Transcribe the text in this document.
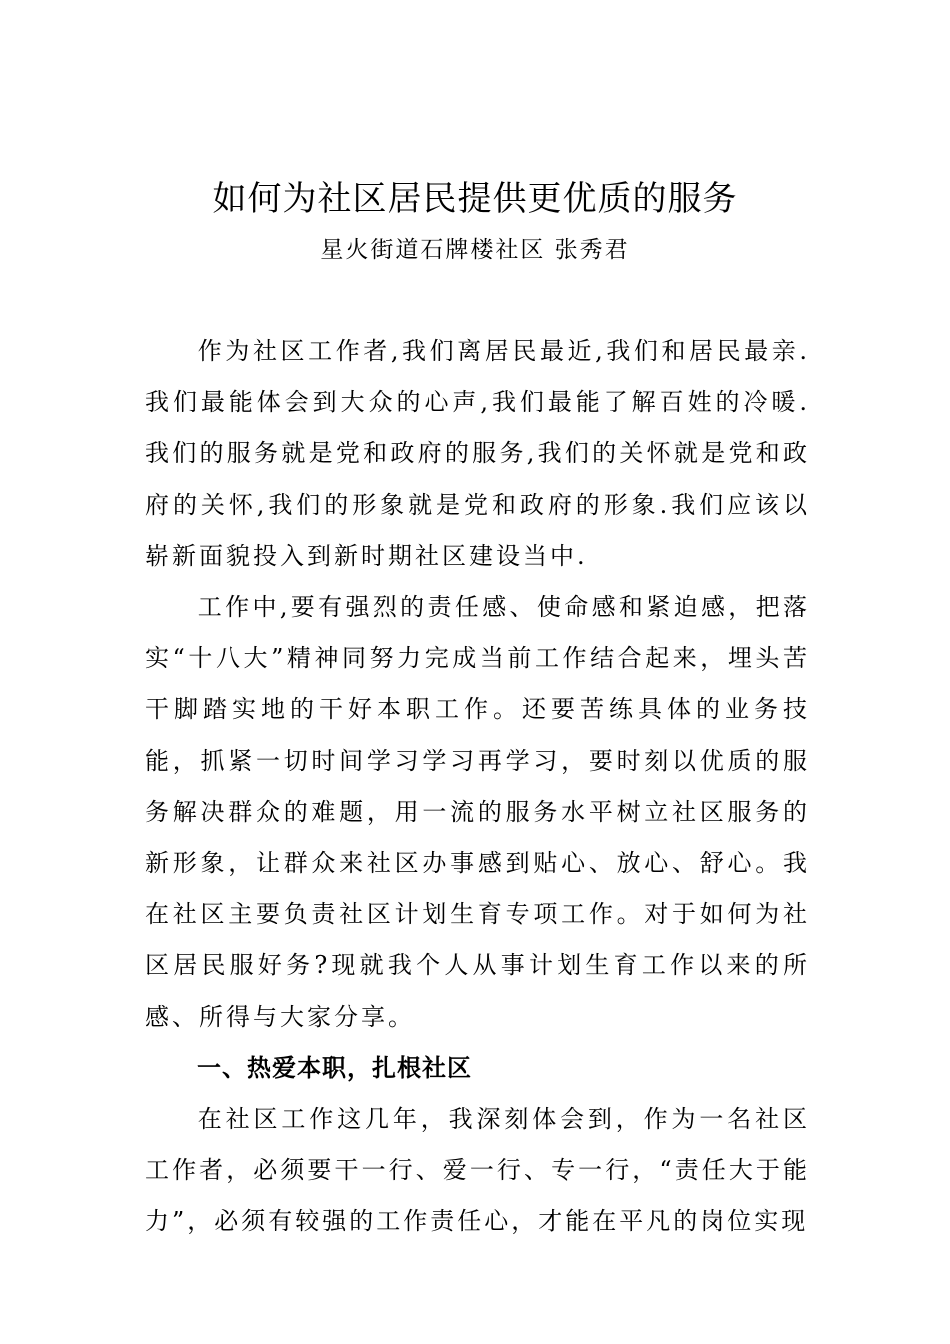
如何为社区居民提供更优质的服务
星火街道石牌楼社区 张秀君

作为社区工作者,我们离居民最近,我们和居民最亲.我们最能体会到大众的心声,我们最能了解百姓的冷暖.我们的服务就是党和政府的服务,我们的关怀就是党和政府的关怀,我们的形象就是党和政府的形象.我们应该以崭新面貌投入到新时期社区建设当中.

工作中,要有强烈的责任感、使命感和紧迫感，把落实“十八大”精神同努力完成当前工作结合起来，埋头苦干脚踏实地的干好本职工作。还要苦练具体的业务技能，抓紧一切时间学习学习再学习，要时刻以优质的服务解决群众的难题，用一流的服务水平树立社区服务的新形象，让群众来社区办事感到贴心、放心、舒心。我在社区主要负责社区计划生育专项工作。对于如何为社区居民服好务?现就我个人从事计划生育工作以来的所感、所得与大家分享。

一、热爱本职，扎根社区

在社区工作这几年，我深刻体会到，作为一名社区工作者，必须要干一行、爱一行、专一行，“责任大于能力”，必须有较强的工作责任心，才能在平凡的岗位实现
